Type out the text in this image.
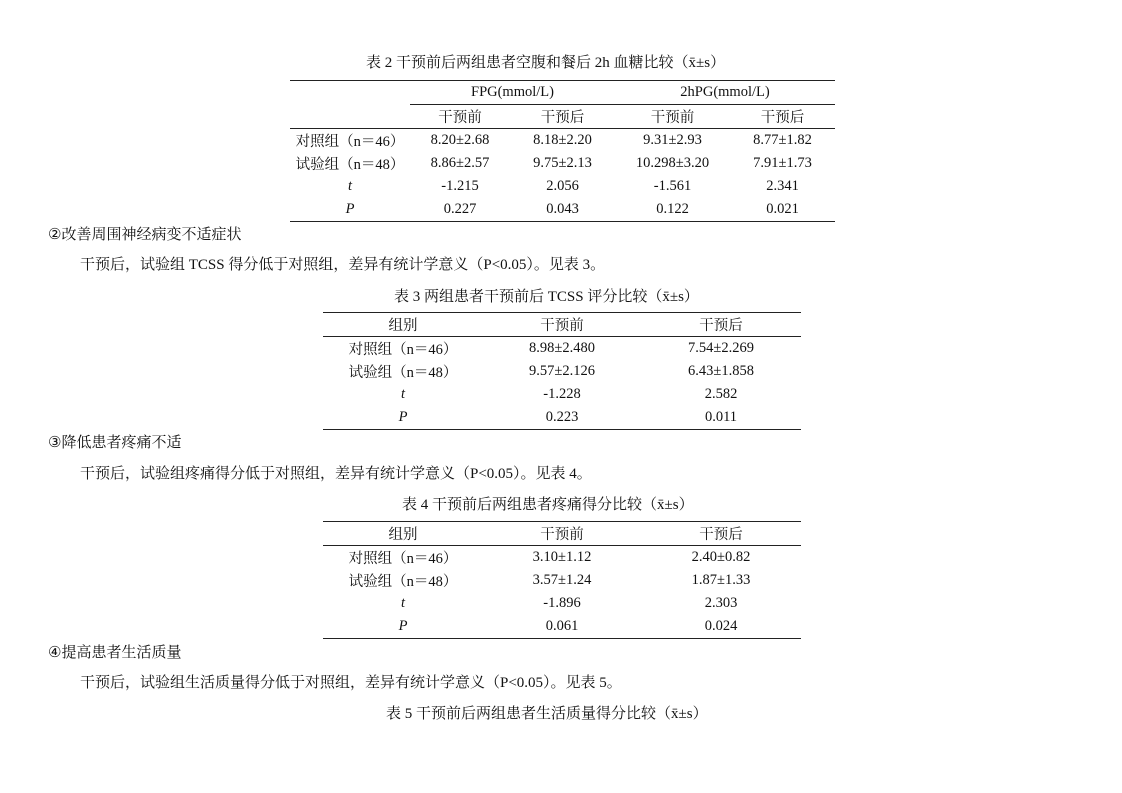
表 2 干预前后两组患者空腹和餐后 2h 血糖比较（x̄±s）
	FPG(mmol/L)		2hPG(mmol/L)	
	干预前	干预后	干预前	干预后
对照组（n＝46）	8.20±2.68	8.18±2.20	9.31±2.93	8.77±1.82
试验组（n＝48）	8.86±2.57	9.75±2.13	10.298±3.20	7.91±1.73
t	-1.215	2.056	-1.561	2.341
P	0.227	0.043	0.122	0.021
②改善周围神经病变不适症状
干预后，试验组 TCSS 得分低于对照组，差异有统计学意义（P<0.05）。见表 3。
表 3 两组患者干预前后 TCSS 评分比较（x̄±s）
组别	干预前	干预后
对照组（n＝46）	8.98±2.480	7.54±2.269
试验组（n＝48）	9.57±2.126	6.43±1.858
t	-1.228	2.582
P	0.223	0.011
③降低患者疼痛不适
干预后，试验组疼痛得分低于对照组，差异有统计学意义（P<0.05）。见表 4。
表 4 干预前后两组患者疼痛得分比较（x̄±s）
组别	干预前	干预后
对照组（n＝46）	3.10±1.12	2.40±0.82
试验组（n＝48）	3.57±1.24	1.87±1.33
t	-1.896	2.303
P	0.061	0.024
④提高患者生活质量
干预后，试验组生活质量得分低于对照组，差异有统计学意义（P<0.05）。见表 5。
表 5 干预前后两组患者生活质量得分比较（x̄±s）
